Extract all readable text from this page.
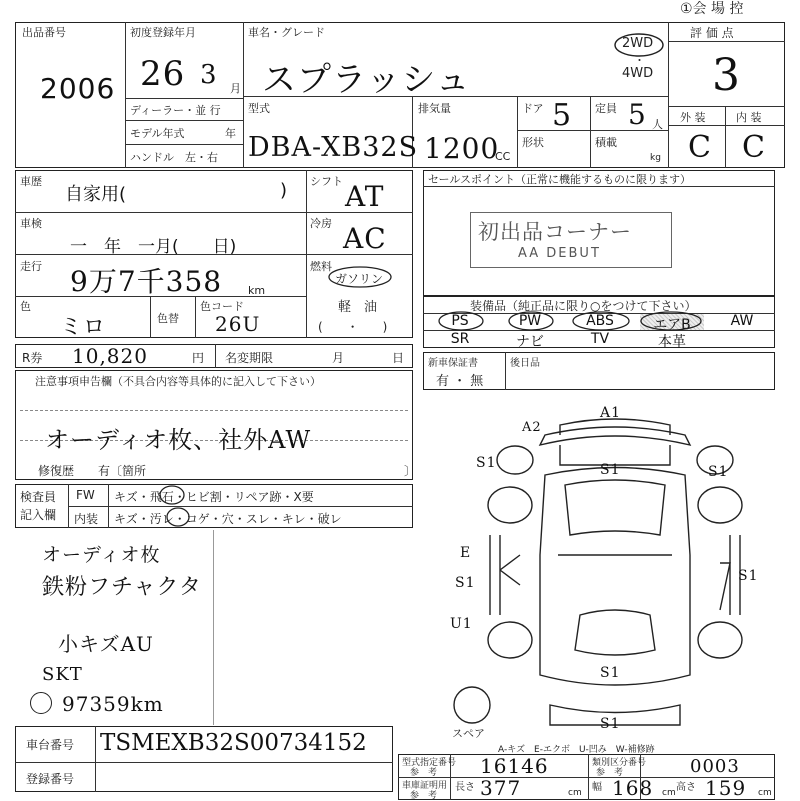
①会 場 控
出品番号
2006
初度登録年月
26 3 月
車名・グレード
スプラッシュ
2WD
・
4WD
評 価 点
3
外 装	内 装
C C
ディーラー・並 行
モデル年式	年
ハンドル　左・右
型式
DBA-XB32S
排気量
1200
CC
ドア 5 定員 5 人
形状	積載
kg
車歴
自家用(	)
車検
一　年　一月(　　日)
走行 9万7千358 km
色
ミロ	色替
色コード
26U
シフト AT
冷房 AC
燃料
ガソリン
軽　油
(　　・　　)
セールスポイント（正常に機能するものに限ります）
初出品コーナー
AA DEBUT
装備品（純正品に限り○をつけて下さい）
PS	PW	ABS	エアB	AW
SR	ナビ	TV	本革
R券 10,820	円 名変期限	月	日 新車保証書
有 ・ 無
後日品
注意事項申告欄（不具合内容等具体的に記入して下さい）
オーディオ枚、社外AW
修復歴　　有〔箇所	〕
検査員
記入欄
FW キズ・飛石・ヒビ割・リペア跡・X要
内装 キズ・汚レ・コゲ・穴・スレ・キレ・破レ
オーディオ枚
鉄粉フチャクタ
小キズAU
SKT
97359km
A1
A2
S1	S1	S1
E
S1	S1
U1
S1
S1
スペア
A-キズ　E-エクボ　U-凹み　W-補修跡
車台番号 TSMEXB32S00734152
登録番号
型式指定番号
参　考 16146	類別区分番号
参　考	0003
車庫証明用
参　考
長さ 377	cm 幅 168 cm 高さ 159 cm
